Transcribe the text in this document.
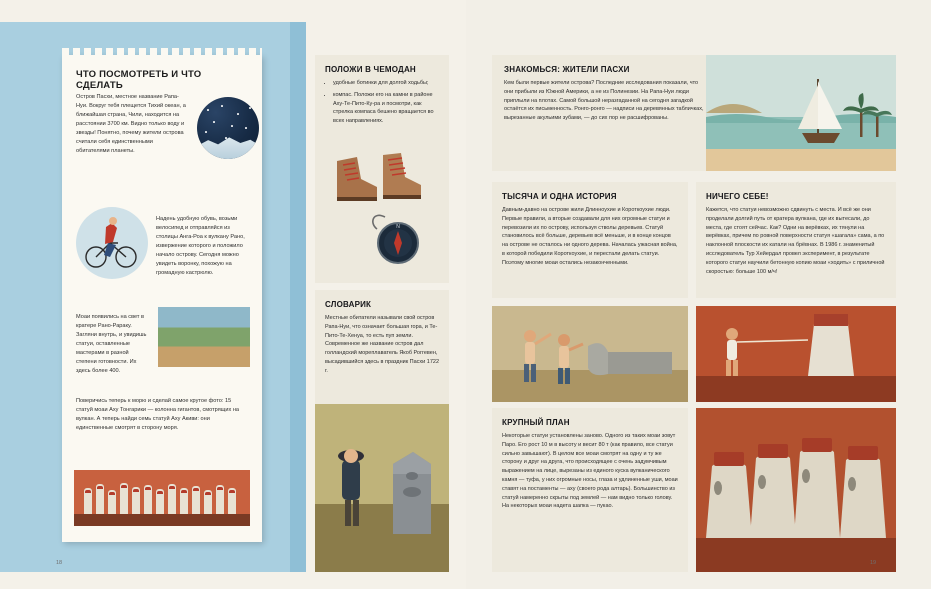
ЧТО ПОСМОТРЕТЬ И ЧТО СДЕЛАТЬ

Остров Пасхи, местное название Рапа-Нуи. Вокруг тебя плещется Тихий океан, а ближайшая страна, Чили, находится на расстоянии 3700 км. Видно только воду и звезды! Понятно, почему жители острова считали себя единственными обитателями планеты.

Надень удобную обувь, возьми велосипед и отправляйся из столицы Анга-Роа к вулкану Рано, извержение которого и положило начало острову. Сегодня можно увидеть воронку, похожую на громадную кастрюлю.

Моаи появились на свет в кратере Рано-Рараку. Загляни внутрь, и увидишь статуи, оставленные мастерами в разной степени готовности. Их здесь более 400.

Поверичись теперь к морю и сделай самое крутое фото: 15 статуй моаи Аху Тонгарики — колонна гигантов, смотрящих на вулкан. А теперь найди семь статуй Аху Акиви: они единственные смотрят в сторону моря.

18
ПОЛОЖИ В ЧЕМОДАН
• удобные ботинки для долгой ходьбы;
• компас. Положи его на камни в районе Аху-Те-Пито-Ку-ра и посмотри, как стрелка компаса бешено вращается во всех направлениях.
N
СЛОВАРИК

Местные обитатели называли свой остров Рапа-Нуи, что означает большая гора, и Те-Пито-Те-Хенуа, то есть пуп земли. Современное же название остров дал голландский мореплаватель Якоб Роггевен, высадившийся здесь в праздник Пасхи 1722 г.

ЗНАКОМЬСЯ: ЖИТЕЛИ ПАСХИ

Кем были первые жители острова? Последние исследования показали, что они прибыли из Южной Америки, а не из Полинезии. На Рапа-Нуи люди приплыли на плотах. Самой большой неразгаданной на сегодня загадкой остаётся их письменность. Ронго-ронго — надписи на деревянных табличках, вырезанные акульими зубами, — до сих пор не расшифрованы.

ТЫСЯЧА И ОДНА ИСТОРИЯ

Давным-давно на острове жили Длинноухие и Короткоухие люди. Первые правили, а вторые создавали для них огромные статуи и перевозили их по острову, используя стволы деревьев. Статуй становилось всё больше, деревьев всё меньше, и в конце концов на острове не осталось ни одного дерева. Началась ужасная война, в которой победили Короткоухие, и перестали делать статуи. Поэтому многие моаи остались незаконченными.

НИЧЕГО СЕБЕ!

Кажется, что статуи невозможно сдвинуть с места. И всё же они проделали долгий путь от кратера вулкана, где их вытесали, до места, где стоят сейчас. Как? Одни на верёвках, их тянули на верёвках, причем по ровной поверхности статуя «шагала» сама, а по наклонной плоскости их катали на брёвнах. В 1986 г. знаменитый исследователь Тур Хейердал провел эксперимент, в результате которого статуи научили бетонную копию моаи «ходить» с приличной скоростью: больше 100 м/ч!

КРУПНЫЙ ПЛАН

Некоторые статуи установлены заново. Одного из таких моаи зовут Паро. Его рост 10 м в высоту и весит 80 т (как правило, все статуи сильно завышают). В целом все моаи смотрят на одну и ту же сторону и друг на друга, что происходящее с очень задумчивым выражением на лице, вырезаны из единого куска вулканического камня — туфа, у них огромные носы, глаза и удлиненные уши, моаи ставят на постаменты — аху (своего рода алтарь). Большинство из статуй намеренно скрыты под землей — нам видно только голову. На некоторых моаи надета шапка — пукао.

19
